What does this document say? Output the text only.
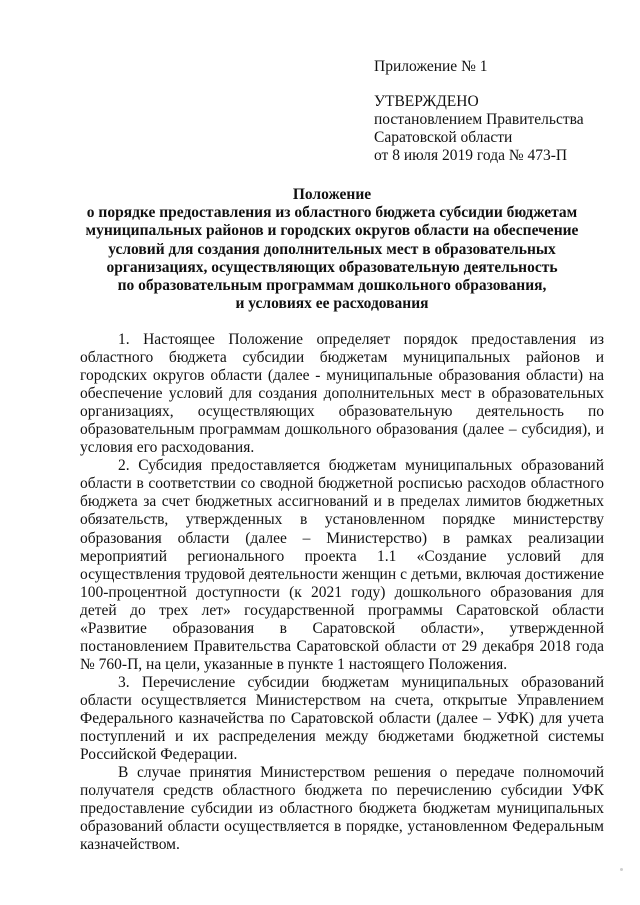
Приложение № 1
УТВЕРЖДЕНО
постановлением Правительства
Саратовской области
от 8 июля 2019 года № 473-П
Положение
о порядке предоставления из областного бюджета субсидии бюджетам
муниципальных районов и городских округов области на обеспечение
условий для создания дополнительных мест в образовательных
организациях, осуществляющих образовательную деятельность
по образовательным программам дошкольного образования,
и условиях ее расходования

1. Настоящее Положение определяет порядок предоставления из областного бюджета субсидии бюджетам муниципальных районов и городских округов области (далее - муниципальные образования области) на обеспечение условий для создания дополнительных мест в образовательных организациях, осуществляющих образовательную деятельность по образовательным программам дошкольного образования (далее – субсидия), и условия его расходования.

2. Субсидия предоставляется бюджетам муниципальных образований области в соответствии со сводной бюджетной росписью расходов областного бюджета за счет бюджетных ассигнований и в пределах лимитов бюджетных обязательств, утвержденных в установленном порядке министерству образования области (далее – Министерство) в рамках реализации мероприятий регионального проекта 1.1 «Создание условий для осуществления трудовой деятельности женщин с детьми, включая достижение 100-процентной доступности (к 2021 году) дошкольного образования для детей до трех лет» государственной программы Саратовской области «Развитие образования в Саратовской области», утвержденной постановлением Правительства Саратовской области от 29 декабря 2018 года № 760-П, на цели, указанные в пункте 1 настоящего Положения.

3. Перечисление субсидии бюджетам муниципальных образований области осуществляется Министерством на счета, открытые Управлением Федерального казначейства по Саратовской области (далее – УФК) для учета поступлений и их распределения между бюджетами бюджетной системы Российской Федерации.

В случае принятия Министерством решения о передаче полномочий получателя средств областного бюджета по перечислению субсидии УФК предоставление субсидии из областного бюджета бюджетам муниципальных образований области осуществляется в порядке, установленном Федеральным казначейством.
